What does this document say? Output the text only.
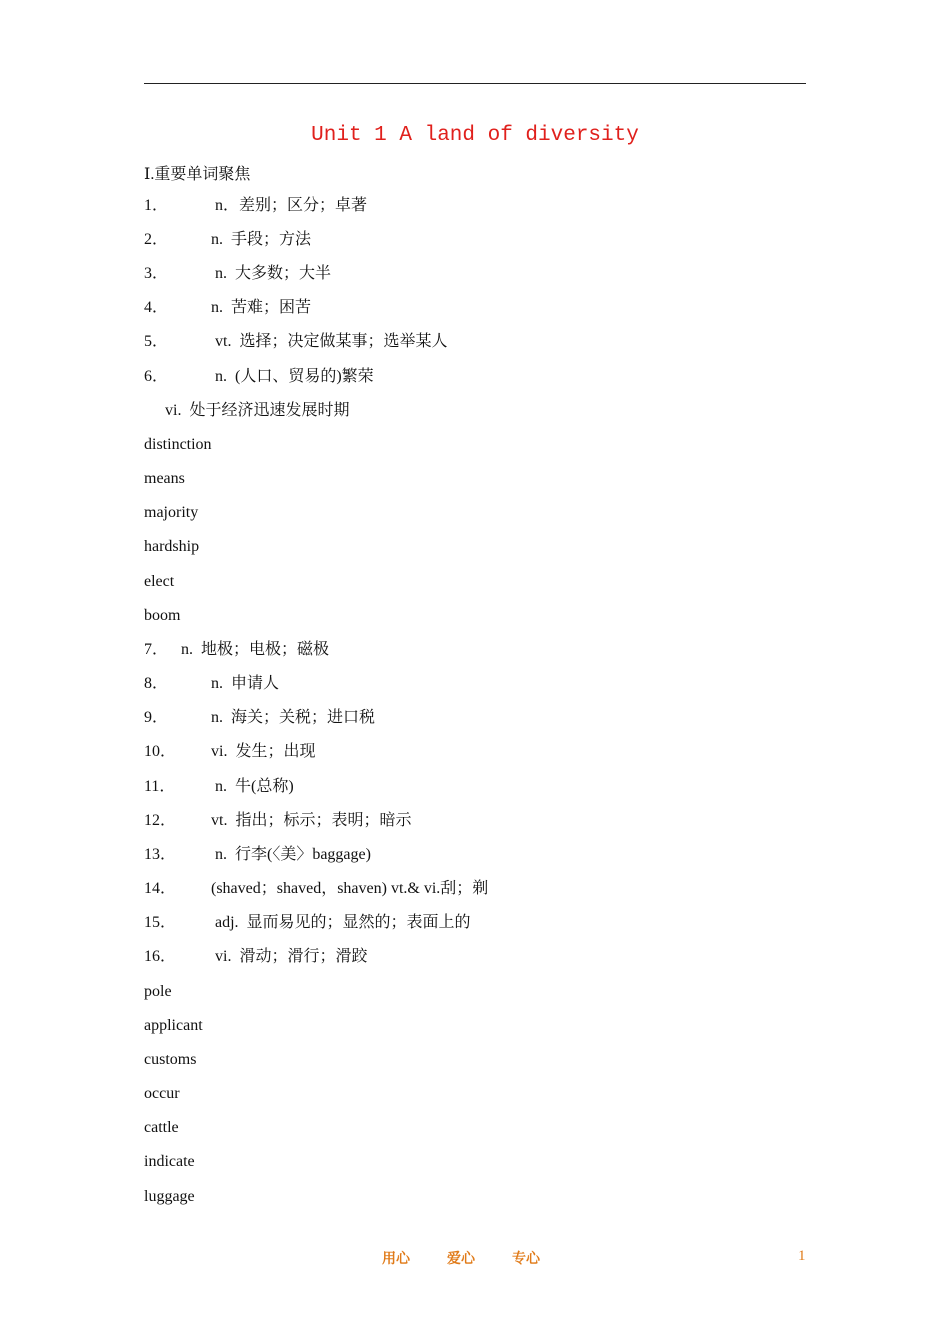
Unit 1 A land of diversity
Ⅰ.重要单词聚焦
1．	n．差别；区分；卓著
2．	n.  手段；方法
3．	n.  大多数；大半
4．	n.  苦难；困苦
5．	vt.  选择；决定做某事；选举某人
6．	n.  (人口、贸易的)繁荣
vi.  处于经济迅速发展时期
distinction
means
majority
hardship
elect
boom
7． n.  地极；电极；磁极
8．	n.  申请人
9．	n.  海关；关税；进口税
10． vi.  发生；出现
11． n.  牛(总称)
12． vt.  指出；标示；表明；暗示
13． n.  行李(〈美〉baggage)
14． (shaved；shaved，shaven) vt.& vi.刮；剃
15． adj.  显而易见的；显然的；表面上的
16． vi.  滑动；滑行；滑跤
pole
applicant
customs
occur
cattle
indicate
luggage
用心	爱心	专心	1
